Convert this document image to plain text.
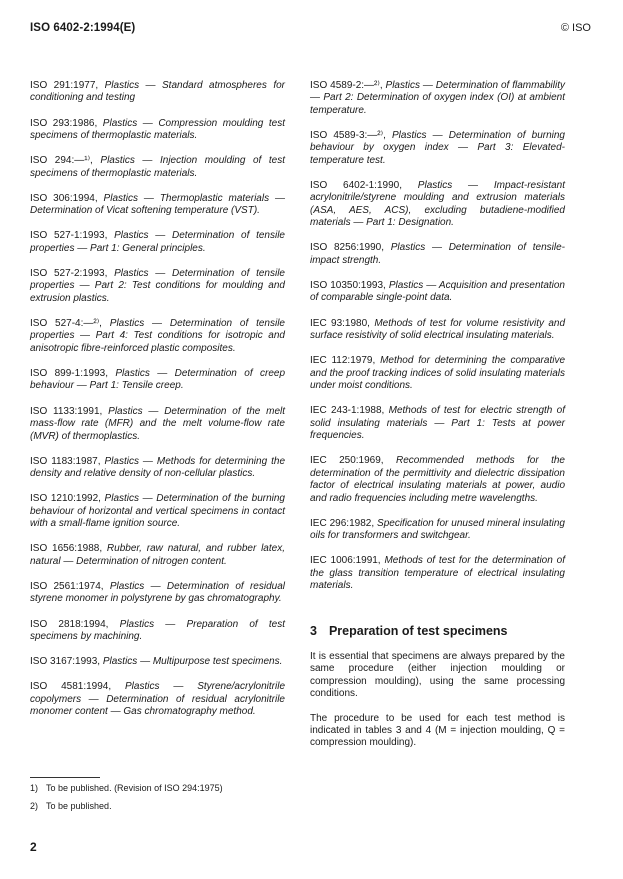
ISO 6402-2:1994(E)	© ISO

ISO 291:1977, Plastics — Standard atmospheres for conditioning and testing

ISO 293:1986, Plastics — Compression moulding test specimens of thermoplastic materials.

ISO 294:—¹⁾, Plastics — Injection moulding of test specimens of thermoplastic materials.

ISO 306:1994, Plastics — Thermoplastic materials — Determination of Vicat softening temperature (VST).

ISO 527-1:1993, Plastics — Determination of tensile properties — Part 1: General principles.

ISO 527-2:1993, Plastics — Determination of tensile properties — Part 2: Test conditions for moulding and extrusion plastics.

ISO 527-4:—²⁾, Plastics — Determination of tensile properties — Part 4: Test conditions for isotropic and anisotropic fibre-reinforced plastic composites.

ISO 899-1:1993, Plastics — Determination of creep behaviour — Part 1: Tensile creep.

ISO 1133:1991, Plastics — Determination of the melt mass-flow rate (MFR) and the melt volume-flow rate (MVR) of thermoplastics.

ISO 1183:1987, Plastics — Methods for determining the density and relative density of non-cellular plastics.

ISO 1210:1992, Plastics — Determination of the burning behaviour of horizontal and vertical specimens in contact with a small-flame ignition source.

ISO 1656:1988, Rubber, raw natural, and rubber latex, natural — Determination of nitrogen content.

ISO 2561:1974, Plastics — Determination of residual styrene monomer in polystyrene by gas chromatography.

ISO 2818:1994, Plastics — Preparation of test specimens by machining.

ISO 3167:1993, Plastics — Multipurpose test specimens.

ISO 4581:1994, Plastics — Styrene/acrylonitrile copolymers — Determination of residual acrylonitrile monomer content — Gas chromatography method.

ISO 4589-2:—²⁾, Plastics — Determination of flammability — Part 2: Determination of oxygen index (OI) at ambient temperature.

ISO 4589-3:—²⁾, Plastics — Determination of burning behaviour by oxygen index — Part 3: Elevated-temperature test.

ISO 6402-1:1990, Plastics — Impact-resistant acrylonitrile/styrene moulding and extrusion materials (ASA, AES, ACS), excluding butadiene-modified materials — Part 1: Designation.

ISO 8256:1990, Plastics — Determination of tensile-impact strength.

ISO 10350:1993, Plastics — Acquisition and presentation of comparable single-point data.

IEC 93:1980, Methods of test for volume resistivity and surface resistivity of solid electrical insulating materials.

IEC 112:1979, Method for determining the comparative and the proof tracking indices of solid insulating materials under moist conditions.

IEC 243-1:1988, Methods of test for electric strength of solid insulating materials — Part 1: Tests at power frequencies.

IEC 250:1969, Recommended methods for the determination of the permittivity and dielectric dissipation factor of electrical insulating materials at power, audio and radio frequencies including metre wavelengths.

IEC 296:1982, Specification for unused mineral insulating oils for transformers and switchgear.

IEC 1006:1991, Methods of test for the determination of the glass transition temperature of electrical insulating materials.

3 Preparation of test specimens

It is essential that specimens are always prepared by the same procedure (either injection moulding or compression moulding), using the same processing conditions.

The procedure to be used for each test method is indicated in tables 3 and 4 (M = injection moulding, Q = compression moulding).

1) To be published. (Revision of ISO 294:1975)
2) To be published.
2
